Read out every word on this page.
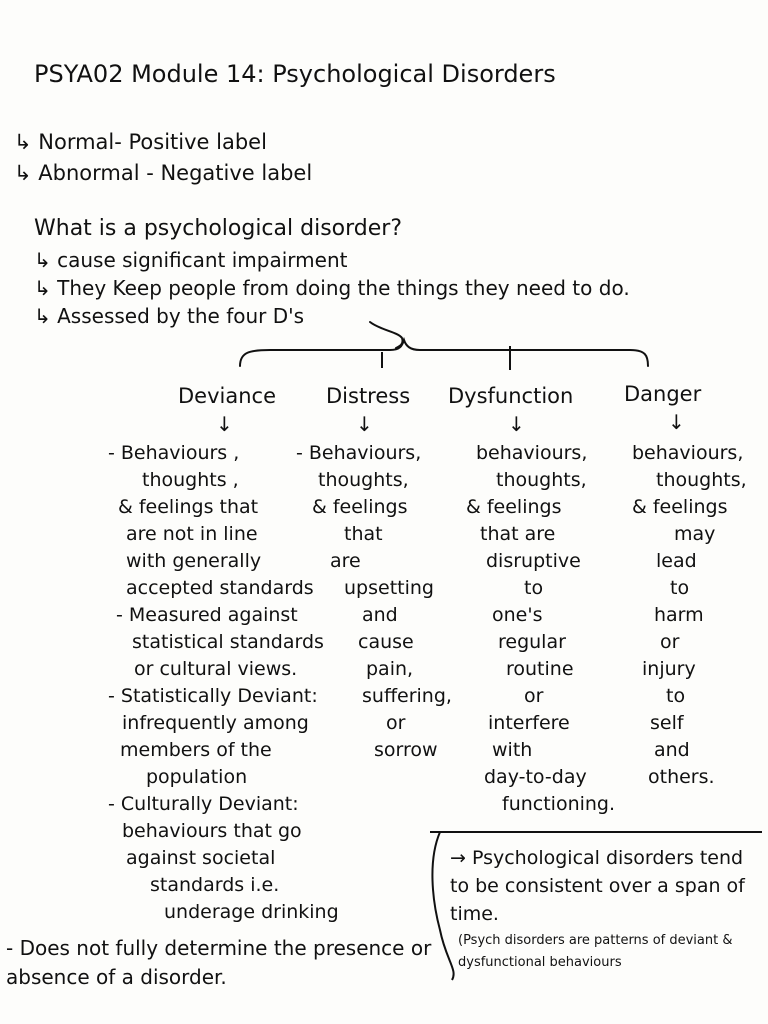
PSYA02 Module 14: Psychological Disorders
↳ Normal- Positive label
↳ Abnormal - Negative label
What is a psychological disorder?
↳ cause significant impairment
↳ They Keep people from doing the things they need to do.
↳ Assessed by the four D's
Deviance
↓
- Behaviours ,
thoughts ,
& feelings that
are not in line
with generally
accepted standards
- Measured against
statistical standards
or cultural views.
- Statistically Deviant:
infrequently among
members of the
population
- Culturally Deviant:
behaviours that go
against societal
standards i.e.
underage drinking
Distress
↓
- Behaviours,
thoughts,
& feelings
that
are
upsetting
and
cause
pain,
suffering,
or
sorrow
Dysfunction
↓
behaviours,
thoughts,
& feelings
that are
disruptive
to
one's
regular
routine
or
interfere
with
day-to-day
functioning.
Danger
↓
behaviours,
thoughts,
& feelings
may
lead
to
harm
or
injury
to
self
and
others.
- Does not fully determine the presence or absence of a disorder.
→ Psychological disorders tend to be consistent over a span of time.
(Psych disorders are patterns of deviant & dysfunctional behaviours
